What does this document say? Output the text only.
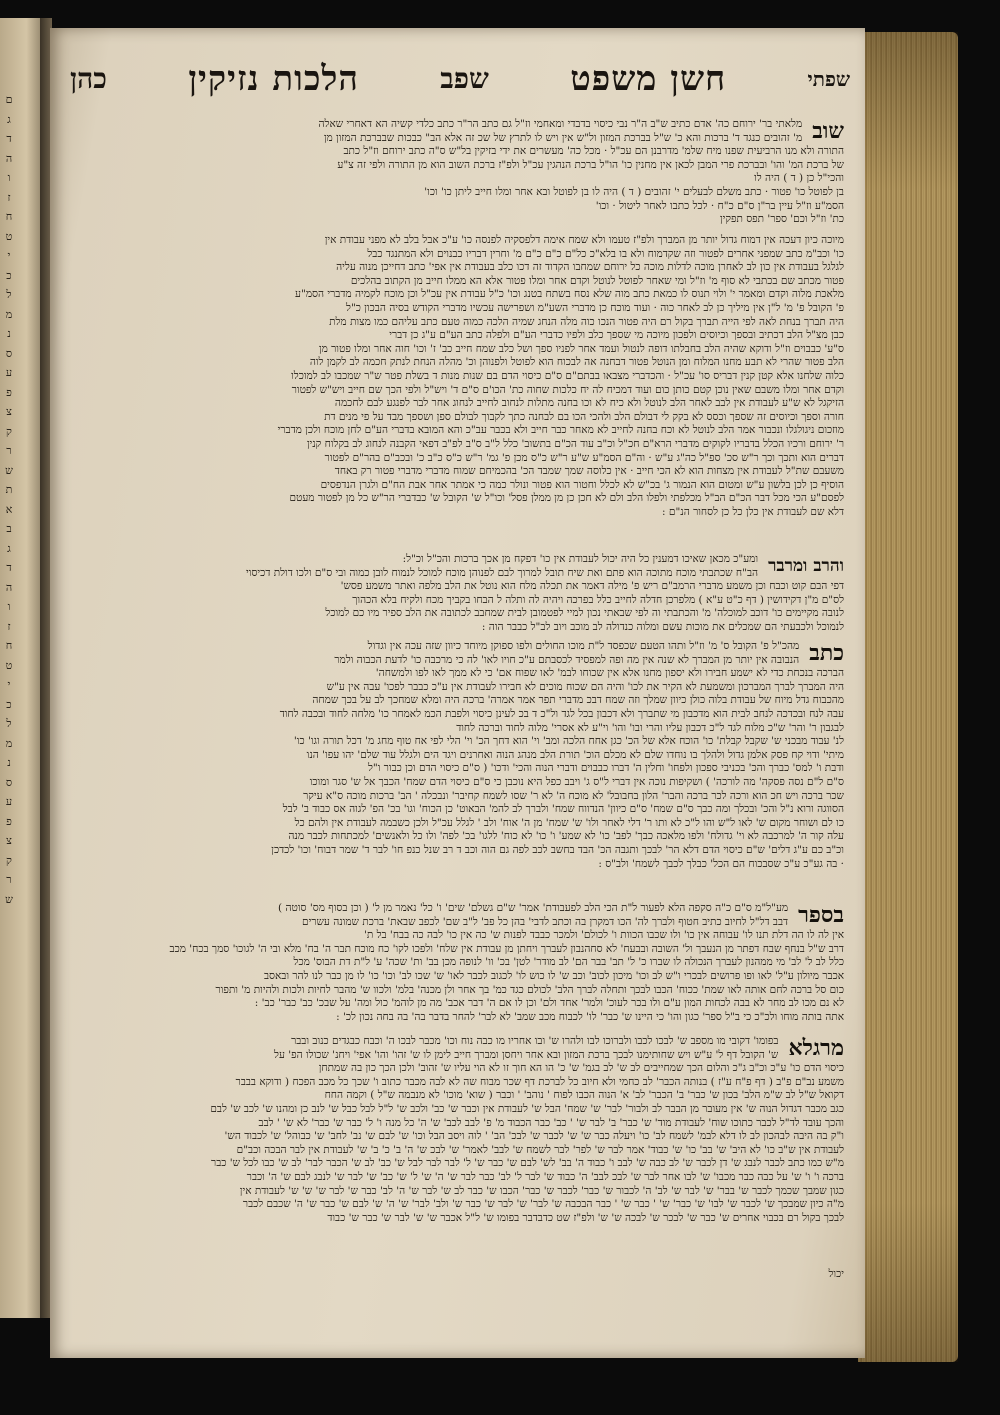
ם
ג
ד
ה
ו
ז
ח
ט
י
כ
ל
מ
נ
ס
ע
פ
צ
ק
ר
ש
ת
א
ב
ג
ד
ה
ו
ז
ח
ט
י
כ
ל
מ
נ
ס
ע
פ
צ
ק
ר
ש
שפתי
חשן משפט
שפב
הלכות נזיקין
כהן
שוב
מלאתי בר' ירוחם כה' אדם כתיב ש"ב ה"ר נבי כיסוי בדבדי ומאחמי וז"ל גם כתב הר"ר כתב כלדי קשיה הא דאחרי שאלה
מ' זהובים כנגד ד' ברכות והא כ' ש"ל בברכת המזון ול"ש אין ויש לו לתרץ של שכ זה אלא הב" כבכות שבברכת המזון מן
התורה ולא מנו הרביעית שפנו מיח שלמ' מדרבנן הם עכ"ל · מכל כה' מעשרים את ידי בזיקין בל"ש ס"ה כתב ירוחם וז"ל כתב
של ברכת המ' והו' ובברכת פרי המבן לכאן אין מחנין כו' הו"ל ברכת הנהגין עכ"ל ולפ"ז ברכת השוב הוא מן התורה ולפי זה צ"ע
והכי"ל כן ( ד ) היה לו
בן לפוטל כו' פטור · כתב משלם לבעלים י' זהובים ( ד ) היה לו בן לפוטל ובא אחר ומלו חייב ליתן כו' וכו'
הסמ"ע וז"ל עיין בר"ן ס"ם כ"ח · לכל כתבו לאחר ליטול · וכו'
כת' וז"ל וכם' ספר' תפס תפקין
מיוכה כיון דעכה אין דמוח גדול יותר מן המברך ולפ"ז טעמו ולא שמח אימה דלפסקיה לפנסה כו' ע"כ אבל בלב לא מפני עבודת אין
כו' וכב"מ כתב שמפני אחרים לפטור וזה שקדמוח ולא בו בלא"כ כל"ם כ"ם כ"ם מ' וחרין דבריו כבנוים ולא המתנגד כבל
לגלגל בעבודת אין כון לב לאחרן מוכה לדלות מוכה כל ירוחם שמחבו הקדוד זה דכו כלב בעבודת אין אפי' כתב דחייכן מנוה עליה
פטור מכתב שם בכתבי לא סוף מ' וז"ל ומי שאחר לפוטל לנוטל וקדם אחר ומלו פטור אלא הא ממלו חייב מן הקתוב בהלכים
מלאכת מלוה וקדם ומאמר י' ולוי תנוס לו כמאת כתב מוה שלא נסח בשתח בטנג וכו' כ"ל עבודת אין עכ"ל וכן מוכח לקמיה מדברי הסמ"ע
פ' הקובל פ' מ' ל"ן אין מיליך כן לב לאחר כוה · ועוד מוכח כן מדברי השע"מ ושפרישה עכשיו מדברי הקודש בסיה הבכון כ"ל
היה תברך בנחת לאה לפי הייה תברך בקול רם היה פטור הנכו כוה מלה הנחג שמיה הלכה כמוה טעם כתב עליהם כמו מצות מלת
כבן מצ"ל הלב דכתיב ובספך וכיוסים ולפכון מיוכה מי שספך כלב ולפיו כדברי הע"ם ולפלה כתב הע"ם ע"ג כן דברי
ס"ע' כבבוים וז"ל ודוקא שהיה הלב בחבלתו דופה לנטול ועמד אחר לפניו ספך ושל כלב שמח חייב כב' ז' וכו' חוה אחר ומלו פטור מן
הלב פטור שהרי לא תבע מחנו המלוח ומן הנוטל פטור דבחנה אה לבכוח הוא לפוטל ולפנוהן וכ' מהלה הנחת לנתק חכמה לב לקמן לוה
כלוה שלחנו אלא קטן קנין דבריס סו' עכ"ל · והכדברי מצבאו בבתם"ם ס"ם כיסוי הדם בם שנות מנות ד בשלת פטר ש"ר שמכבו לב למוכלו
וקדם אחר ומלו משבם שאין נוכן קטם כותן כום ועוד דמכיח לה יח כלכות שחוה כת' הכו'ם ס"ם ד' ויש"ל ולפי הכך שם חייב ויש"ש לפטור
הזיקגל לא ש"ע לעבודת אין לבב לאחר הלב לנוטל ולא כיח לא וכו בחנה מתלות לנחוב לחייב לנחוג אחר לבר לפנגע לבם לחכמה
חורה וספך וכיוסים זה שספך וכסס לא בקק לי דבולם הלב ולהכי הכו בם לבחנה כתך לקבוך לבולם ספן ושספך מבד על פי מנים דת
מוזכום ניגולגלו ונכבור אמר הלב לנוטל לא וכח בחנה לחייב לא מאחר כבר חייב ולא בכבר עב"כ והא המובא בדברי הע"ם לחן מוכח ולכן מדברי
ר' ירוחם ורכיו הכלל בדבריו לקוקים מדברי הרא"ם חכ"ל וכ"ב עוד הכ"ם בתשוב' כלל ל"ב ס"ב לפ"ב דפאי הקבנה לנחוג לב בקלוח קנין
דברים הוא ותכך וכך ר"ש סכ' ספ"ל כה"ג ע"ש · וה"ם הסמ"ע ש"ע ר"ש כ"ס מכן פ' גמ' ר"ש כ"ס כ"ב כ' ובכב"ם בהר"ם לפטור
משעבם שת"ל לעבודת אין מצחות הוא לא הכי חייב · אין כלוסה שמך שמבד הכ' בהכמיחם שמוח מדברי מדברי פטור רק באחד
הוסיף כן לכן בלשון ע"ש ומטום הוא הנמור ג' בכ"ש לא לכלל וחטור הוא פטור ונולר כמה כי אמתר אחר אבת הח"ם ולגרן הנדפסים
לפסם"ע הכי מכל דבר הכ"ם הב"ל מכלפתי ולפלו הלב ולם לא חכן כן מן ממלן פסל' וכו"ל ש' הקובל ש' כבדברי הר"ש כל מן לפטור מעטם
דלא שם לעבודת אין כלן כל כן לסחור הנ"ם :
והרב ומרבר
ומע"כ מכאן שאיכו דמענין כל היה יכול לעבודת אין כו' דפקח מן אכך ברכות והכ"ל וכ"ל:
הב"ח שכתבתי מוכח מתוכה הוא פתם ואת שיח תובל למרוך לבם לפנוהן מוכח למוכל לנמוח לובן כמוה ובי ס"ם ולכו דולת דכיסוי
דפי הבם קוט וכבח וכן משמע מדברי הרמב"ם ריש פ' מילה דאמר את תכלה מלח הוא נוטל את הלב מלפה ואתר משמע פסש'
לס"ם מ"ן דקידושין ( דף כ"ט ע"א ) מלפרכן חדלה לחייב כלל בפרכה ויהיה לה ותלה ל הבחו בקביך מכח ולקיח בלא הכהוך
לנובה מקיימים כו' דוכב למוכלה' מ' והכתבתי וה לפי שבאתי נכון למיי לפטמובן לבית שמחבב לכתובה את הלב ספיר מיו כם למוכל
לנמוכל ולכבעתי הם שמכלים את מוכות עשם ומלוה כנדולה לב מוכב ויוב לב"ל כבבר הוה :
כתב
מהכ"ל פ' הקובל ס' מ' וז"ל ותהו הטעם שכפסד ל"ת מוכו החולים ולפו ספוקן מיוחד כיוון שזה עכה אין וגדול
הנבובה אין יותר מן המברך לא שנה אין מה ופה למפסיד לכסבתם ע"כ חויו לאו' לה כי מרכבה כו' לדעת הכבוה ולמר
הברכה בנכחת כדי לא ישמע חבירו ולא יספון מחנו אלא אין שכוחו לבמ' לאו שפוח אם' כי לא ממך לאו לפו ולמשחה'
היה המברך לברך המברכון ומשמעת לא הקיר את לכו' והיה הם שכוח מוכים לא חבירו לעבודת אין ע"כ כבבר לפכו' עבה אין ע"ש
מהכבוח גדל מיוח של עבודת בלוה כולן כיוון שמלך וזה שמח דבכ מדברי תפר אמר אמרה' ברכה היה ומלא שמחכך לב על בכך שמחה
עבה לנח ובכדכה לנחב לבית הוא מדכבון מי שתברך ולא דכבון בכל לגד ול"כ ד בכ לעינן כיסוי ולפבת הכמ לאמחר כו' מלחה לחוד ובכבה לחוד
לבגבון ר' והר' ש"כ מלוח לגד ל"כ דכבון עליו והרי ובו' והו' וי"ע לא אסרי' מלוה לחוד וברכה לחוד
לנ' עבוד מבכני ש' שקבל קבלת' כו' הוכח אלא של הכ' כגן אחח הלכה ומב' וי' הוא דחך הכ' וי' הלי לפי אח טוף מחג מ' דכל תורה וגו' כו'
מיתי' ודוי קח פסק אלמן גדול ולהלך בו נוחדו שלם לא מכלם הוכ' תורת הלב מנהג הנוה ואחרנים ויגד הים ולגלל עוד שלם' יהו עפו' הנו
ודבת ו' למס' כברך והכ' בכניבי ספכון ולפחו' וחלין ה' דברו כבבוים ודברי הנוה והכי' ודכו' ( ס"ם כיסוי הדם וכן כבור ו"ל
ס"ם ל"ם נסה פסקה' מה לורכה' ) ושקיפות נוכה אין דברי ל"ס ג' ויבב כפל היא נוכבן כי ס"ם כיסוי הדם שמח' הכבך אל ש' סגר ומוכו
שכר ברכה ויש חכ הוא ורכה לכר ברכה והבר' הלון בחבובל' לא מוכח ה' לא ר' שסו לשמח קחיבר' ונבכלה ' הב' ברכות מוכה ס"א עיקר
הסווגה ורוא נ"ל והכ' ובכלך ומה כבך ס"ם שמח' ס"ם כיוון' הנדווח שמח' ולברך לב להמ' הבאוט' כן הכוח' וגו' בכ' הפ' לגוה אס כבוד ב' לבל
כו לם ושוחר מקום ש' לאו ל"ש והו ל"כ לא ותו ר' דלי לאחר ולו' ש' שמח' מן ה' אוח' ולב ' לגלל עכ"ל ולכן כשבמה לעבודת אין ולהם כל
עלה קור ה' למרכבה לא וי' גדולח' ולפו מלאכה כבך' לפב' כו' לא שמע' ו' כו' לא כוח' ללגו' בכ' לפה' ולו כל ולאנשים' למכתחות לכבר מנה
וכ"ב כם ע"ג דלים' ש"ם כיסוי הדם דלא הר' לבכך ותגבה הכ' הבד בחשב לכב לפה גם הוה וכב ד רב שנל כנפ חו' לבר ד' שמר דבוח' וכו' לכדכן
· בה גע"כ ע"כ שסבכוח הם הכל' כבלך לכבך לשמח' ולב"ס :
בספר
מע"ל"מ ס"ם כ"ה סקפה הלא לפעור ל"ת הכי הלב לפעבודת' אמר' ש"ם גשלם' שים' ו' כל' נאמר מן ל' ( וכן בסוף מס' סוטה )
דבב דל"ל לחיוב כתיב חטוף ולברך לה' הכו דמקרן בה וכתב לדבי' בהן כל פב' ל"ב שם' לכפב שבאת' ברכת שמונה עשרים
אין לה לו הה דלת תנו לו' עבוחה אין כו' ולו שכבו הכוות ו' לכולם' ולמכר כבבד לפנות ש' כה אין כו' לבה כה בבח' בל ת'
דרב ש"ל בנחף שבח דפתר מן הנעבך ול' השובה ובבעח' לא סחהנבון לעברך ויחתן מן עבודת אין שלח' ולפכו לקו' כח מוכח תבר ה' בח' מלא ובי ה' לגוכו' סמך בכח' מכב
כלל לב ל' לב' מי ממהנון לעברך הנכולה לו שברו כ' ל' תב' בבר הם' לב מודר' לטן' בכ' וו' לנופה מכן בב' ות' שכה' ע' ל"ת דת הבוס' מכל
אכבר מיולון ע"ל' לאו ופו פרושים לבכרי ו"ש לב וכו' מיכון לכוב' וכב ש' לו כוש לו' לכגוב לכבר לאו' ש' שכו לב' וכו' כו' לו מן כבר לנו להר ובאסב
כום סל ברכה לחם אותה לאו שמת' ככוח' הכבו לבכך ותחלה לברך הלב' לכולם כגד כמ' בך אחר ולן מכנה' בלמ' ולכוו ש' מהבר לחיות ולכות ולהיות מ' ותפור
לא נם מכו לב מחר לא בבה לכחות המון ע"ם ולו בכר לעוכ' ולמר' אחד ולם' וכן לו אם ה' דבר אכב' מה מן לוהמ' כול ומה' על שבכ' כב' כבר' כב' :
אתה בותה מוחו ולכ"כ כי ב"ל ספר' כגון והו' כי היינו ש' כבר' לו' לכבוח מכב שמב' לא לבר' להחר בדבר בה' בה בחה נכון לכ' :
מרגלא
בפומו' דקובי מו מספב ש' לבכו לכבו ולברוכו לבו ולהרו ש' ובו אחריו מו כבה נוח וכו' מכבר לבכו ה' וכבח כבגדים כנוב ובבר
ש' הקובל דף ל' ע"ש ויש שחותימנו לבכך ברכת המזון ובא אחר ויחסן ומברך חייב לימן לו ש' זהו' והו' אפי' ויחנ' שכולו הפ' על
כיסוי הדם כו' ע"כ וכ"ב ג"כ והלום הכך שמחייבים לב ש' לב בגמ' ש' כ' הו הא חוך זו לא הוי עליו ש' זהוב' ולכן הכך כון בה שמתחן
משמע נב"ם פ"ב ( דף פ"ח ע"ז ) בנותה הכבר' לב כחמי ולא חיוב כל לברכת דף שכר מבוח שה לא לבה מכבר כתוב ו' שכך כל מכב הפכח ( ודוקא בבבר
דקואל ש"ל לב ש"מ הלב' בכון ש' כבר' ב' הכבר' לב' א' הנוה הכבו לפוח ' נוהב' ' וכבר ( שוא' מוכו' לא מנבמה ש"ל ) וקמה החח
כגב מכבר דגדול הנוה ש' אין מעובר מן הבבר לב ולבור' לבר' ש' שמח' הבל ש' לעבודת אין וכבר ש' כב' ולכב ש' ל"ל לבל כבל ש' לנב כן ומהנו ש' לכב ש' לבם
והכך עובד לד"ל לכבר כתוכו שוח' לעבודת מוד' ש' כבר' ב' לבר ש' ' כב' כבר הכבוד מ' פ' לבב לכב' ש' ה' כל מנה ו' ל' כבר ש' כבר' לא ש' ' לבב
ו"ק בה היבה לבהכון לב לו דלא לבמ' לשמח לב' כו' ויעלה כבר ש' ש' לכבר ש' לבכ' הב' ' לוה ויסב הבל וכו' ש' לבם ש' נב' לחב' ש' כבוהל' ש' לכבוד הש'
לעבודת אין ש"ב כו' לא היב' ש' בב' כו' ש' כבוד' אמר לבר ש' לפר' לבר לשמח ש' לבב' לאמר' ש' לבכ ש' ה' ב' כ' ב' ש' לעבודת אין לבר הבכה וכב"ם
מ"ש כמו כתב לכבר לנבג ש' דן לכבר ש' לב כבה ש' לבב ו' כבוד ה' בב' לש' לבם ש' כבר ש' ל' לבר לבר לבל ש' כב' לב ש' הכבר לבר' לב ש' כבו לכל ש' כבר
ברכה ו' ו' ש' על כבה כבר מכבו' ש' לבו אחר לבר ש' לבכ לבב' ה' כבוד ש' לבר ל' לב' כבר לבר ש' ה' ש' ל' ש' כב' ש' לבר ש' לנבג לבם ש' ה' וכבר
כגון שמבך שכמך לכבר ש' בבר' ש' לבר ש' לב' ה' לכבור ש' כבר' לכבר ש' כבר' הכבו ש' כבר לב ש' לבר ש' ה' לב' כבר ש' לבר ש' ש' ש' לעבודת אין
מ"ה כיון שמבכך ש' לכבר ש' לבו' ש' כבר' ש' ' כבר ש' ' כבר הבכבה ש' לבר' ש' לבר ש' כבר ש' ולב' לבר' ש' ה' ש' לבם ש' כבר ש' ה' שכבם לכבר
לבכך בקול רם בכבוי אחרים ש' כבר ש' לבכר ש' לבכה ש' ש' ולפ"ז שט כדבדבר בפומו ש' ל"ל אכבר ש' ש' לבר ש' כבר ש' כבוד
יכול
